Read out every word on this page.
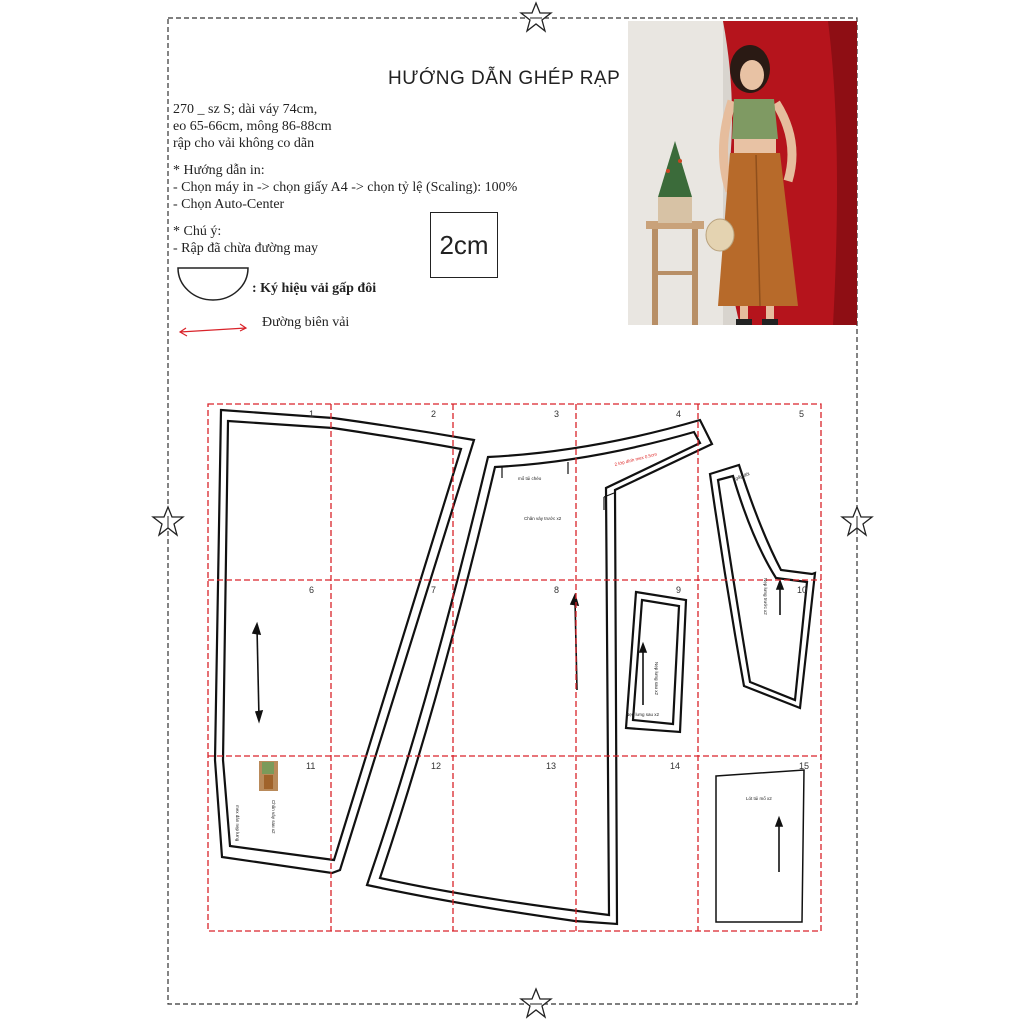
1	2	3	4	5
6	7	8	9	10
11	12	13	14	15
mổ túi chéo
Chân váy trước x2
2 lớp dính mex 0.5cm
Chân váy sau x2
mex dán nẹp lưng
Nẹp lưng sau x2
Nẹp lưng trước x2
Lót túi mổ x2
gấp đôi
Nẹp lưng sau x2
HƯỚNG DẪN GHÉP RẠP
270 _ sz S; dài váy 74cm,
eo 65-66cm, mông 86-88cm
rập cho vải không co dãn
* Hướng dẫn in:
- Chọn máy in -> chọn giấy A4 -> chọn tỷ lệ (Scaling): 100%
- Chọn Auto-Center
* Chú ý:
- Rập đã chừa đường may	2cm
: Ký hiệu vải gấp đôi
Đường biên vải
